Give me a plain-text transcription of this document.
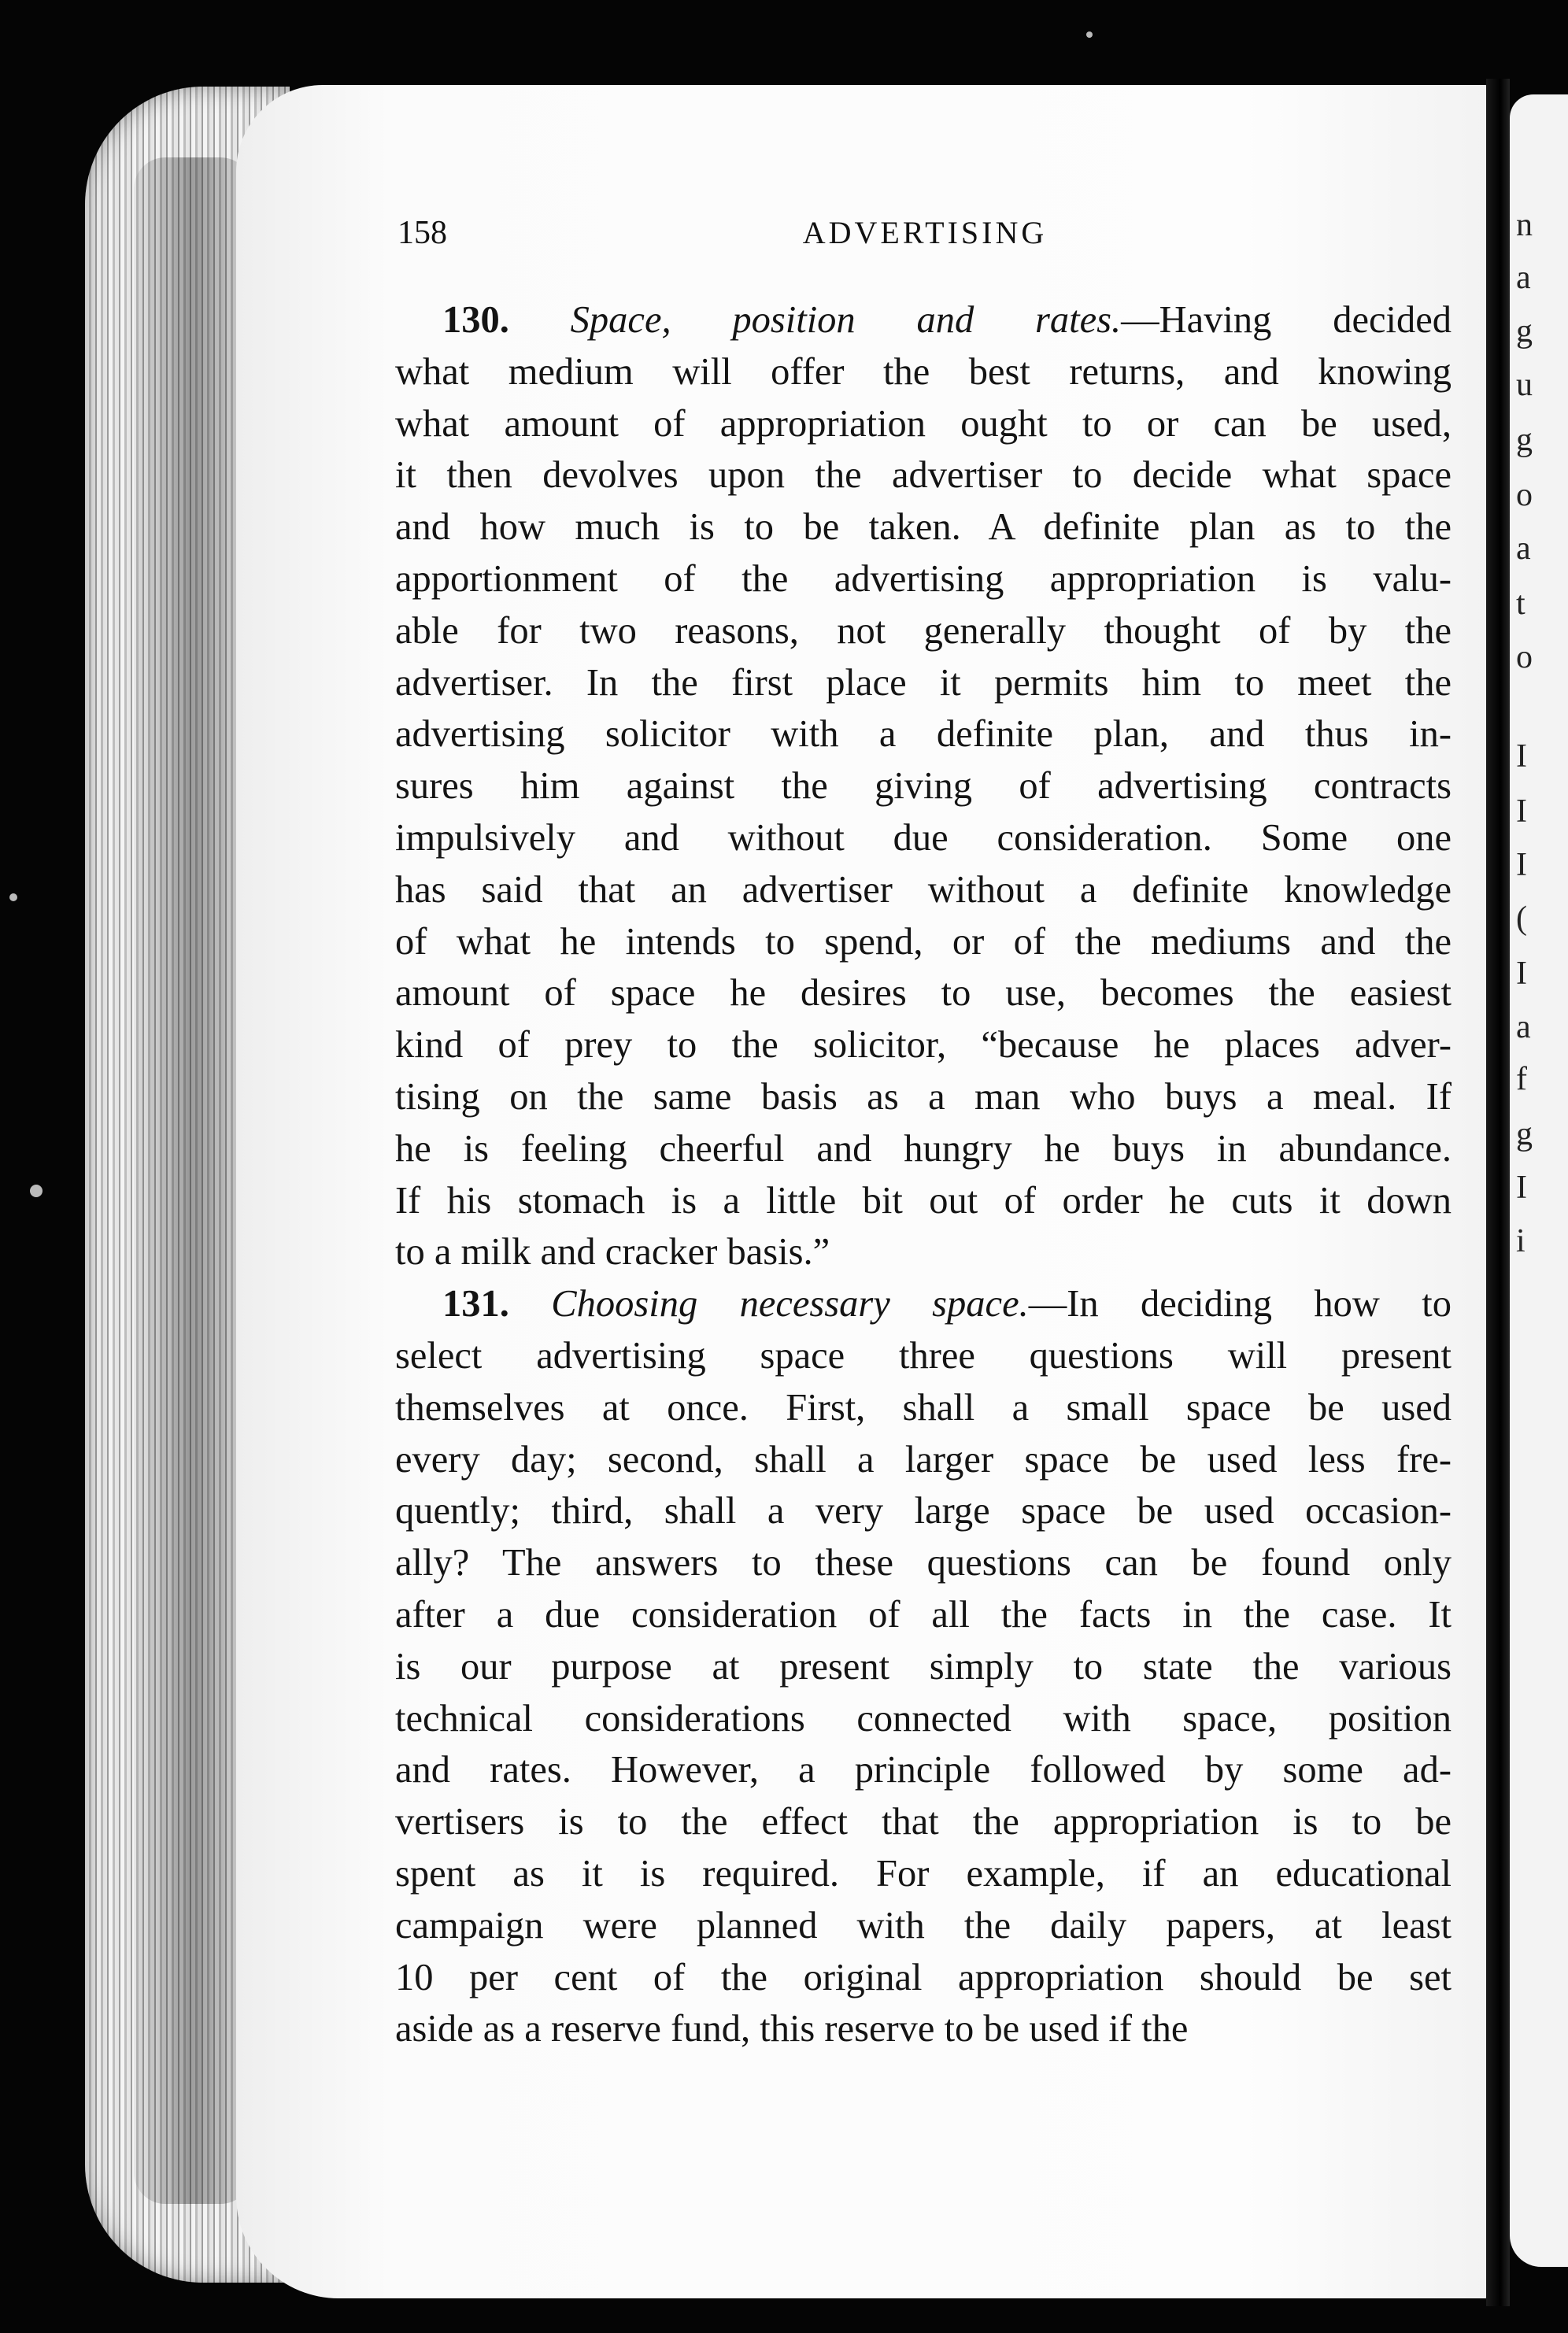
n
a
g
u
g
o
a
t
o
I
I
I
(
I
a
f
g
I
i
158	ADVERTISING
130. Space, position and rates.—Having decided
what medium will offer the best returns, and knowing
what amount of appropriation ought to or can be used,
it then devolves upon the advertiser to decide what space
and how much is to be taken. A definite plan as to the
apportionment of the advertising appropriation is valu-
able for two reasons, not generally thought of by the
advertiser. In the first place it permits him to meet the
advertising solicitor with a definite plan, and thus in-
sures him against the giving of advertising contracts
impulsively and without due consideration. Some one
has said that an advertiser without a definite knowledge
of what he intends to spend, or of the mediums and the
amount of space he desires to use, becomes the easiest
kind of prey to the solicitor, “because he places adver-
tising on the same basis as a man who buys a meal. If
he is feeling cheerful and hungry he buys in abundance.
If his stomach is a little bit out of order he cuts it down
to a milk and cracker basis.”
131. Choosing necessary space.—In deciding how to
select advertising space three questions will present
themselves at once. First, shall a small space be used
every day; second, shall a larger space be used less fre-
quently; third, shall a very large space be used occasion-
ally? The answers to these questions can be found only
after a due consideration of all the facts in the case. It
is our purpose at present simply to state the various
technical considerations connected with space, position
and rates. However, a principle followed by some ad-
vertisers is to the effect that the appropriation is to be
spent as it is required. For example, if an educational
campaign were planned with the daily papers, at least
10 per cent of the original appropriation should be set
aside as a reserve fund, this reserve to be used if the
